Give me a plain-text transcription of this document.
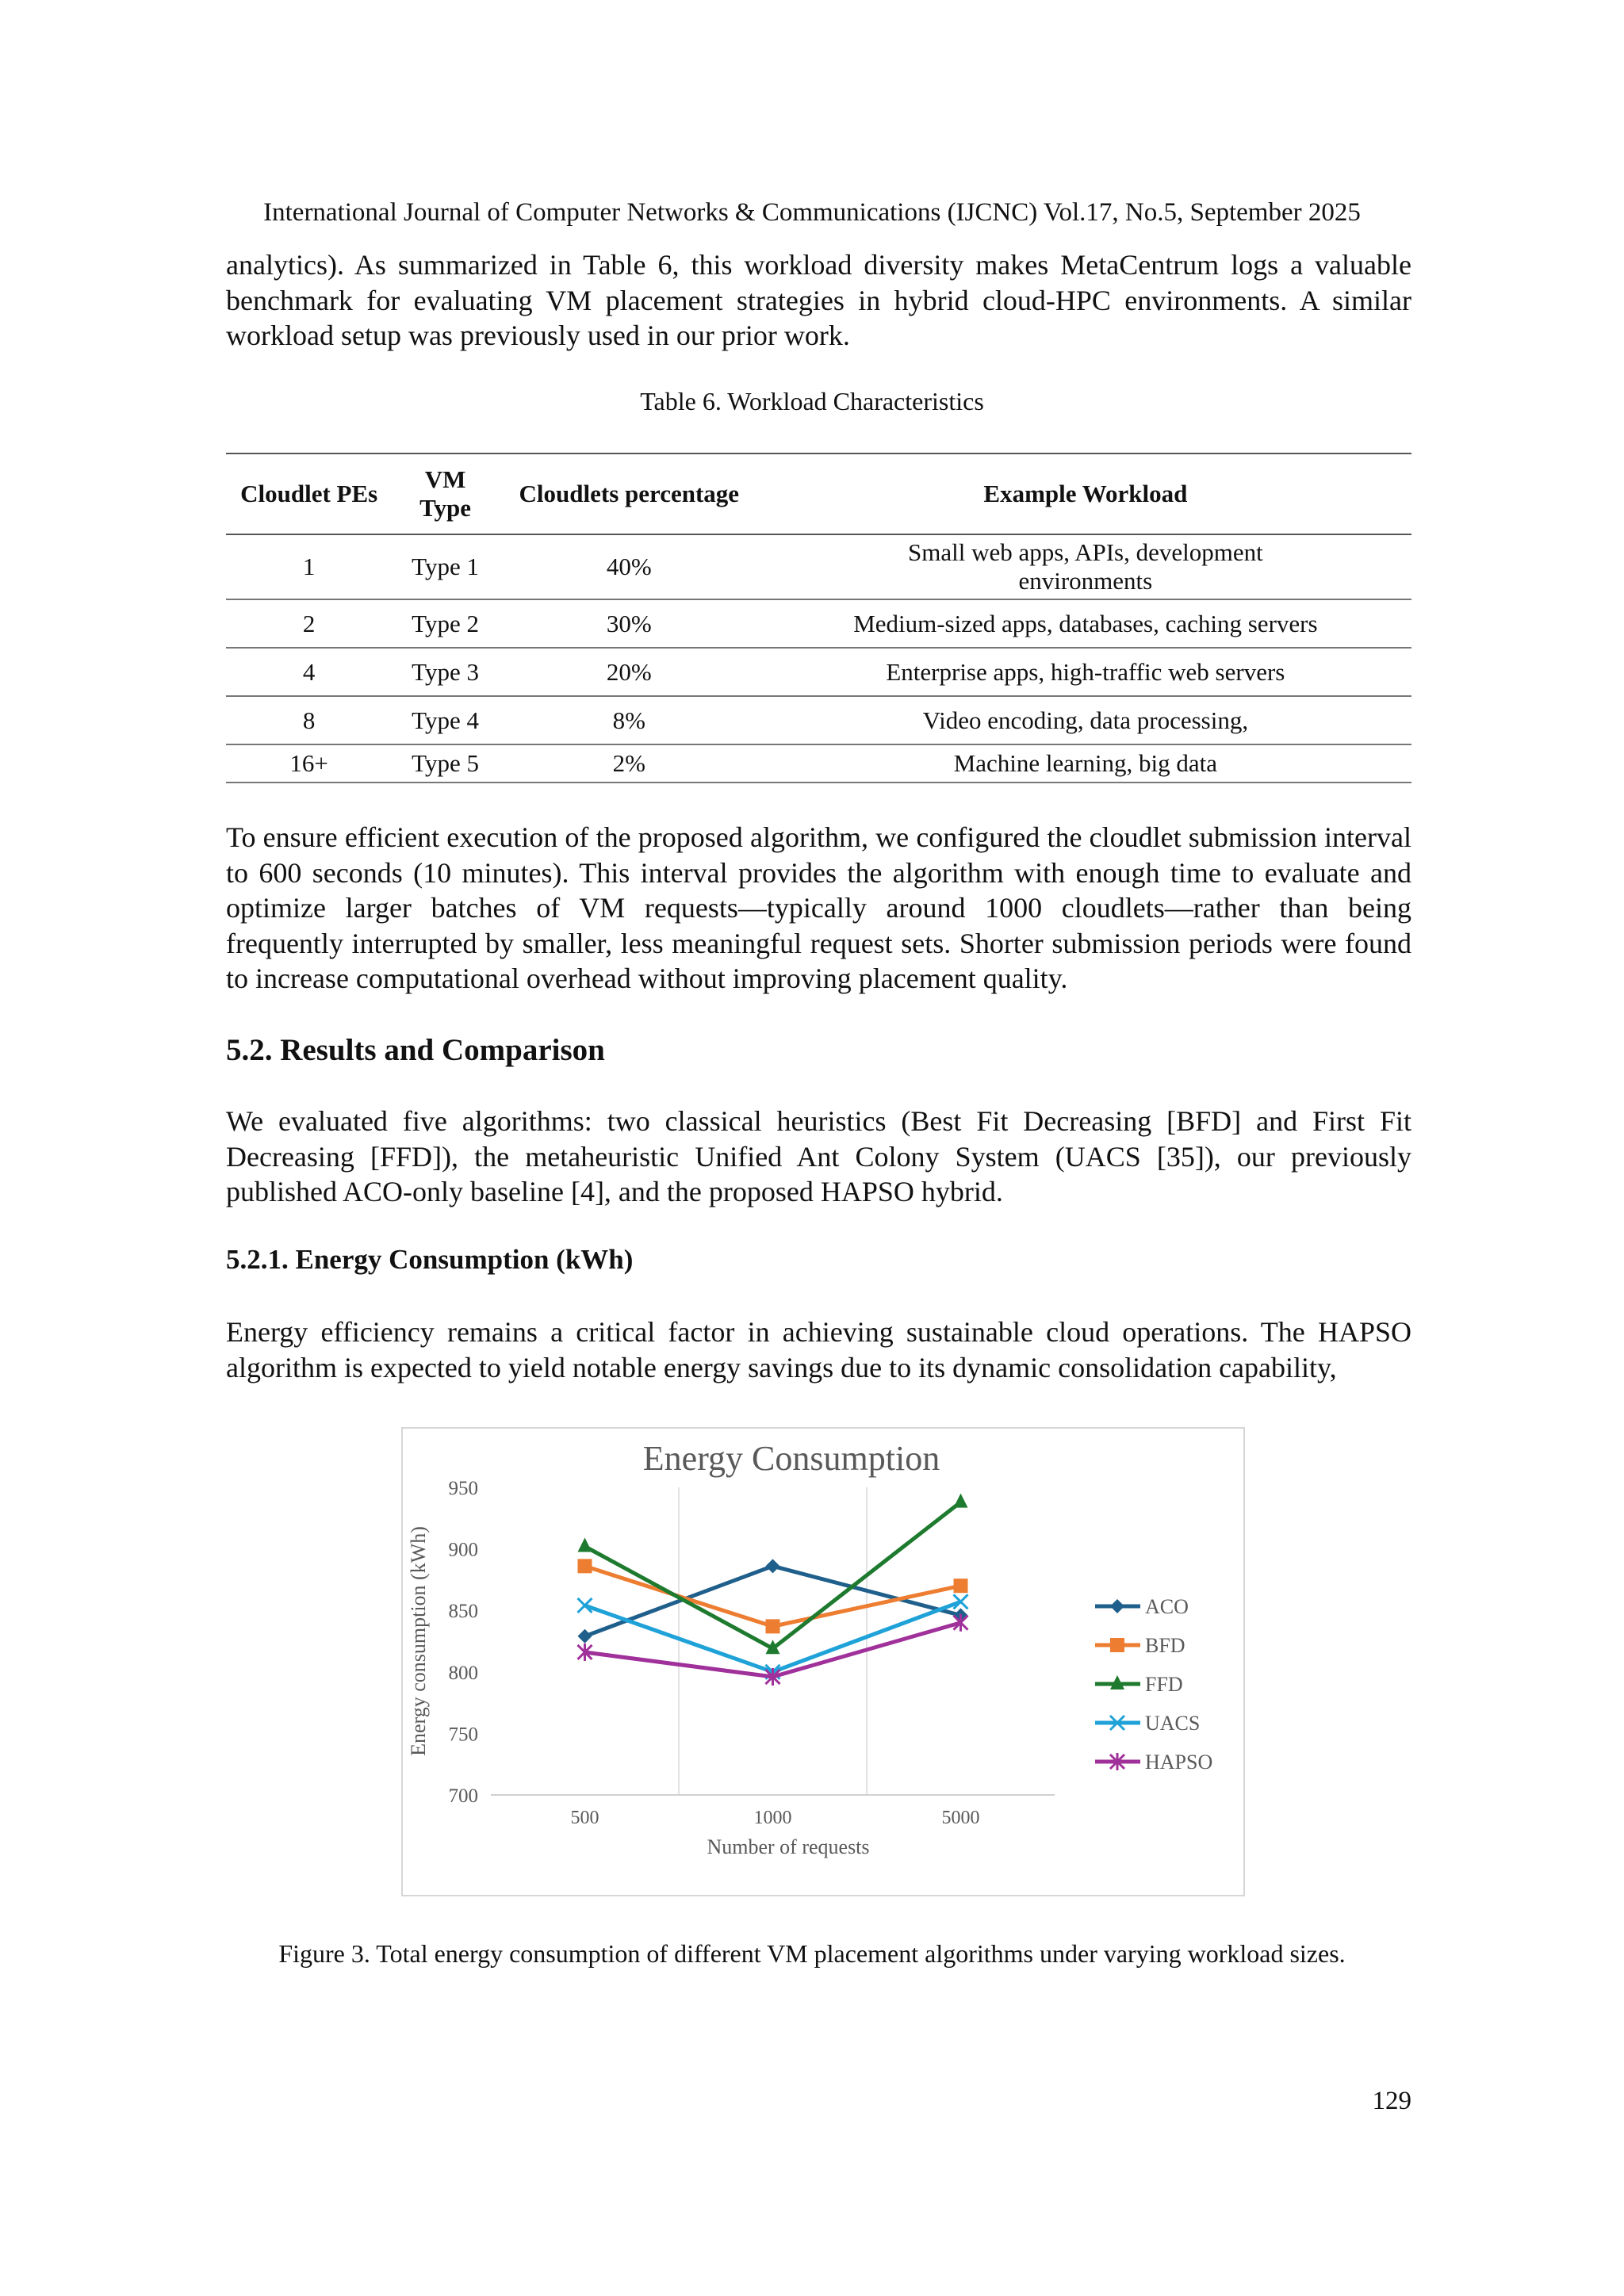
International Journal of Computer Networks & Communications (IJCNC) Vol.17, No.5, September 2025

analytics). As summarized in Table 6, this workload diversity makes MetaCentrum logs a valuable benchmark for evaluating VM placement strategies in hybrid cloud-HPC environments. A similar workload setup was previously used in our prior work.

Table 6. Workload Characteristics
Cloudlet PEs	VM Type	Cloudlets percentage	Example Workload
1	Type 1	40%	Small web apps, APIs, development environments
2	Type 2	30%	Medium-sized apps, databases, caching servers
4	Type 3	20%	Enterprise apps, high-traffic web servers
8	Type 4	8%	Video encoding, data processing,
16+	Type 5	2%	Machine learning, big data

To ensure efficient execution of the proposed algorithm, we configured the cloudlet submission interval to 600 seconds (10 minutes). This interval provides the algorithm with enough time to evaluate and optimize larger batches of VM requests—typically around 1000 cloudlets—rather than being frequently interrupted by smaller, less meaningful request sets. Shorter submission periods were found to increase computational overhead without improving placement quality.

5.2. Results and Comparison

We evaluated five algorithms: two classical heuristics (Best Fit Decreasing [BFD] and First Fit Decreasing [FFD]), the metaheuristic Unified Ant Colony System (UACS [35]), our previously published ACO-only baseline [4], and the proposed HAPSO hybrid.

5.2.1. Energy Consumption (kWh)

Energy efficiency remains a critical factor in achieving sustainable cloud operations. The HAPSO algorithm is expected to yield notable energy savings due to its dynamic consolidation capability,

Energy Consumption
Number of requests
Energy consumption (kWh)
700
750
800
850
900
950
500	1000	5000
ACO
BFD
FFD
UACS
HAPSO
Figure 3. Total energy consumption of different VM placement algorithms under varying workload sizes.
129
